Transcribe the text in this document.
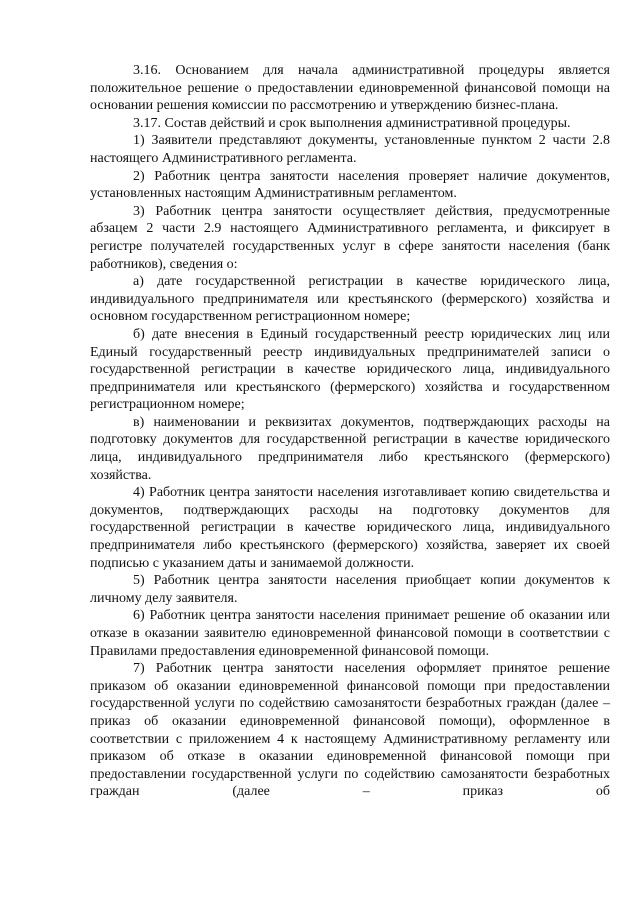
3.16. Основанием для начала административной процедуры является положительное решение о предоставлении единовременной финансовой помощи на основании решения комиссии по рассмотрению и утверждению бизнес-плана.

3.17. Состав действий и срок выполнения административной процедуры.

1) Заявители представляют документы, установленные пунктом 2 части 2.8 настоящего Административного регламента.

2) Работник центра занятости населения проверяет наличие документов, установленных настоящим Административным регламентом.

3) Работник центра занятости осуществляет действия, предусмотренные абзацем 2 части 2.9 настоящего Административного регламента, и фиксирует в регистре получателей государственных услуг в сфере занятости населения (банк работников), сведения о:

а) дате государственной регистрации в качестве юридического лица, индивидуального предпринимателя или крестьянского (фермерского) хозяйства и основном государственном регистрационном номере;

б) дате внесения в Единый государственный реестр юридических лиц или Единый государственный реестр индивидуальных предпринимателей записи о государственной регистрации в качестве юридического лица, индивидуального предпринимателя или крестьянского (фермерского) хозяйства и государственном регистрационном номере;

в) наименовании и реквизитах документов, подтверждающих расходы на подготовку документов для государственной регистрации в качестве юридического лица, индивидуального предпринимателя либо крестьянского (фермерского) хозяйства.

4) Работник центра занятости населения изготавливает копию свидетельства и документов, подтверждающих расходы на подготовку документов для государственной регистрации в качестве юридического лица, индивидуального предпринимателя либо крестьянского (фермерского) хозяйства, заверяет их своей подписью с указанием даты и занимаемой должности.

5) Работник центра занятости населения приобщает копии документов к личному делу заявителя.

6) Работник центра занятости населения принимает решение об оказании или отказе в оказании заявителю единовременной финансовой помощи в соответствии с Правилами предоставления единовременной финансовой помощи.

7) Работник центра занятости населения оформляет принятое решение приказом об оказании единовременной финансовой помощи при предоставлении государственной услуги по содействию самозанятости безработных граждан (далее – приказ об оказании единовременной финансовой помощи), оформленное в соответствии с приложением 4 к настоящему Административному регламенту или приказом об отказе в оказании единовременной финансовой помощи при предоставлении государственной услуги по содействию самозанятости безработных граждан (далее – приказ об
